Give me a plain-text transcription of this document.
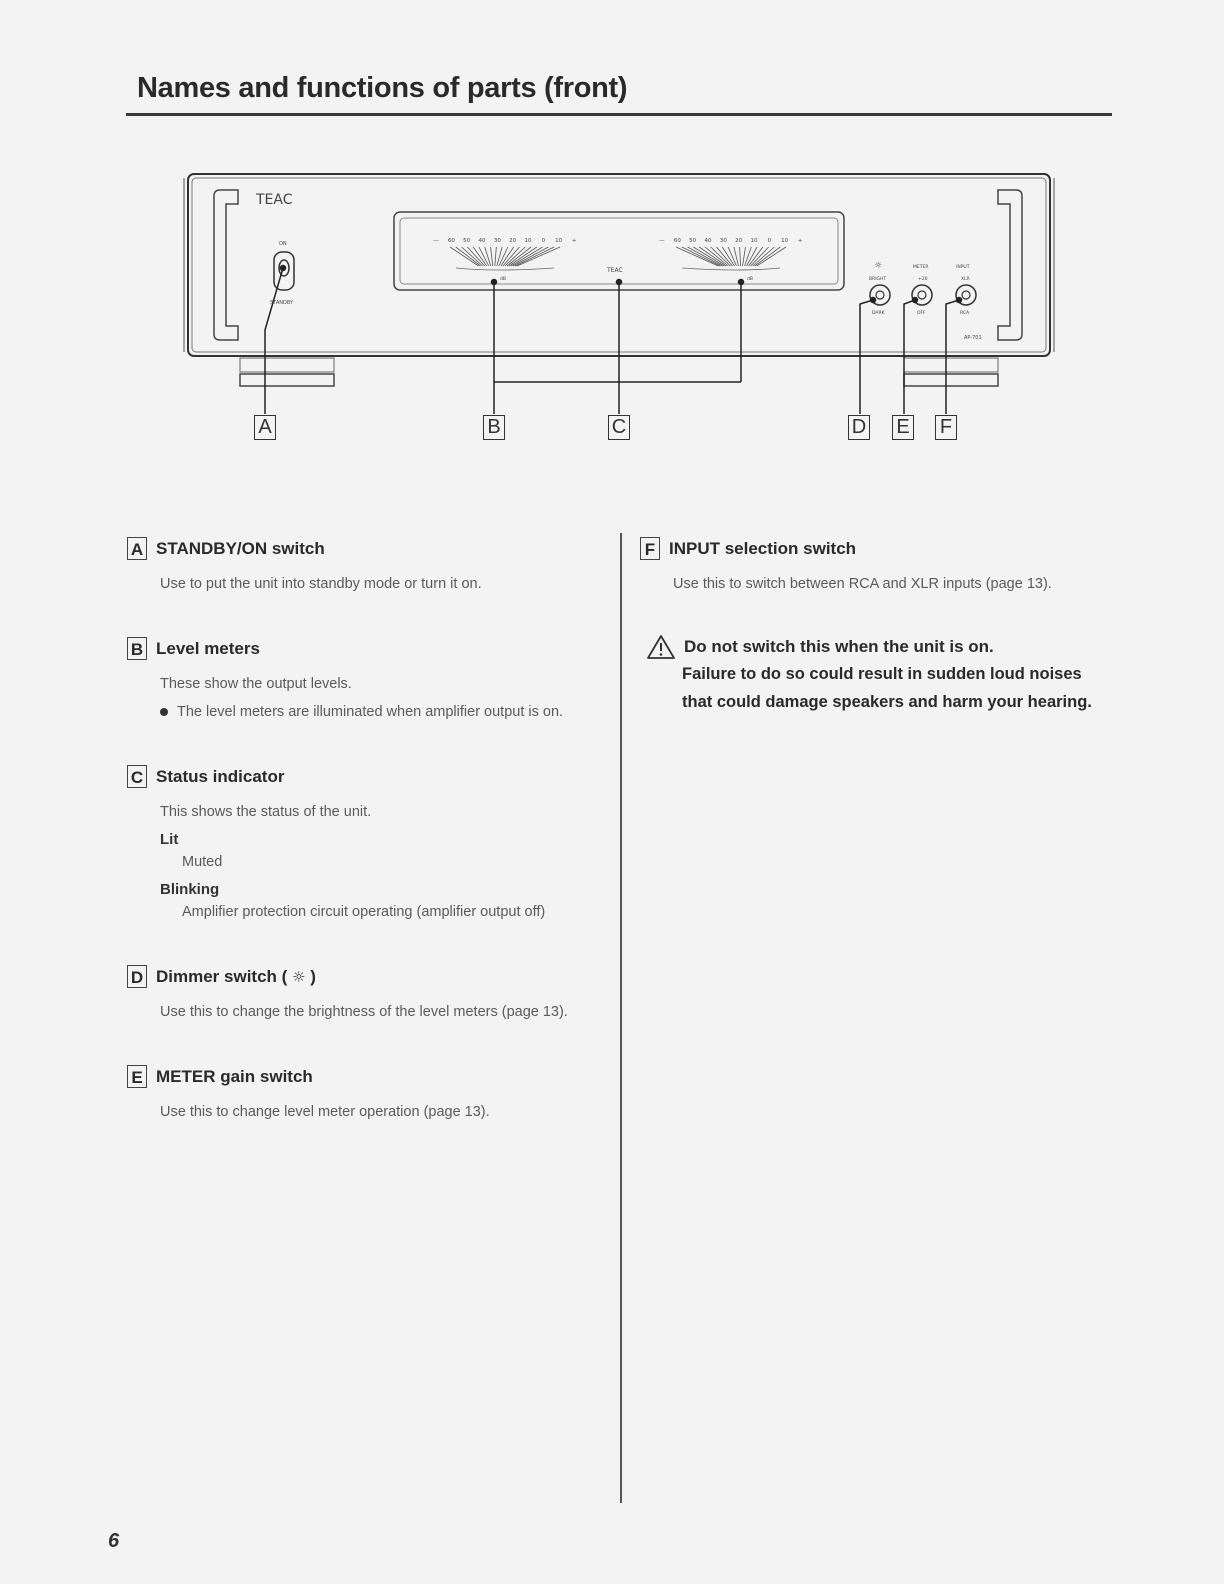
Names and functions of parts (front)
TEAC
ON
STANDBY
— 60 50 40 30 20 10 0 10 +
dB
— 60 50 40 30 20 10 0 10 +
dB
TEAC	☼
BRIGHT
DARK
METER
+20
OFF
INPUT
XLR
RCA
AP-701
A	B	C	D E F
A STANDBY/ON switch
Use to put the unit into standby mode or turn it on.
B Level meters
These show the output levels.
The level meters are illuminated when amplifier output is on.
C Status indicator
This shows the status of the unit.
Lit
Muted
Blinking
Amplifier protection circuit operating (amplifier output off)
D Dimmer switch ( ☼ )
Use this to change the brightness of the level meters (page 13).
E METER gain switch
Use this to change level meter operation (page 13).
F INPUT selection switch
Use this to switch between RCA and XLR inputs (page 13).
Do not switch this when the unit is on.
Failure to do so could result in sudden loud noises
that could damage speakers and harm your hearing.
6
